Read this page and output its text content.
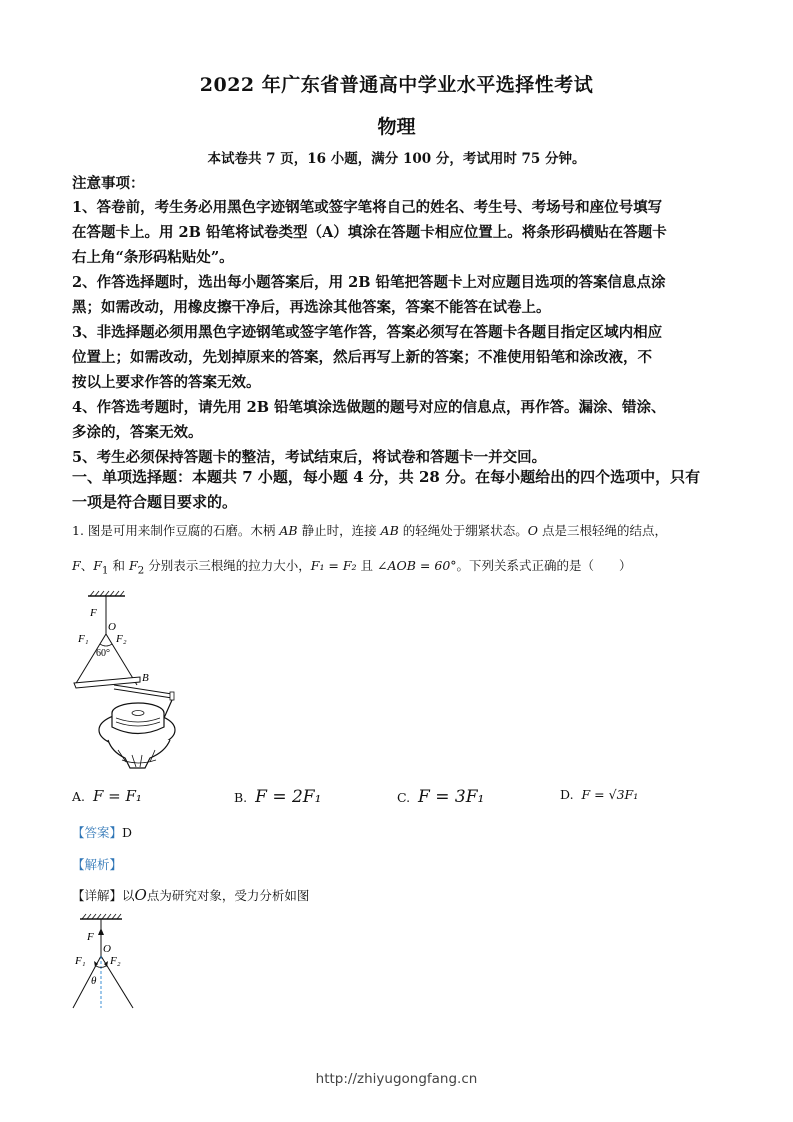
2022 年广东省普通高中学业水平选择性考试
物理
本试卷共 7 页，16 小题，满分 100 分，考试用时 75 分钟。
注意事项：

1、答卷前，考生务必用黑色字迹钢笔或签字笔将自己的姓名、考生号、考场号和座位号填写

在答题卡上。用 2B 铅笔将试卷类型（A）填涂在答题卡相应位置上。将条形码横贴在答题卡

右上角“条形码粘贴处”。

2、作答选择题时，选出每小题答案后，用 2B 铅笔把答题卡上对应题目选项的答案信息点涂

黑；如需改动，用橡皮擦干净后，再选涂其他答案，答案不能答在试卷上。

3、非选择题必须用黑色字迹钢笔或签字笔作答，答案必须写在答题卡各题目指定区域内相应

位置上；如需改动，先划掉原来的答案，然后再写上新的答案；不准使用铅笔和涂改液，不

按以上要求作答的答案无效。

4、作答选考题时，请先用 2B 铅笔填涂选做题的题号对应的信息点，再作答。漏涂、错涂、

多涂的，答案无效。

5、考生必须保持答题卡的整洁，考试结束后，将试卷和答题卡一并交回。

一、单项选择题：本题共 7 小题，每小题 4 分，共 28 分。在每小题给出的四个选项中，只有
一项是符合题目要求的。
1. 图是可用来制作豆腐的石磨。木柄 AB 静止时，连接 AB 的轻绳处于绷紧状态。O 点是三根轻绳的结点，
F、$F_1$ 和 $F_2$ 分别表示三根绳的拉力大小，F₁ = F₂ 且 ∠AOB = 60°。下列关系式正确的是（　　）
F
O
F₁ F₂
60°
B
A. F = F₁	B. F = 2F₁	C. F = 3F₁	D. F = √3F₁
【答案】D
【解析】
【详解】以O点为研究对象，受力分析如图
F
O
F₁ F₂
θ
http://zhiyugongfang.cn
